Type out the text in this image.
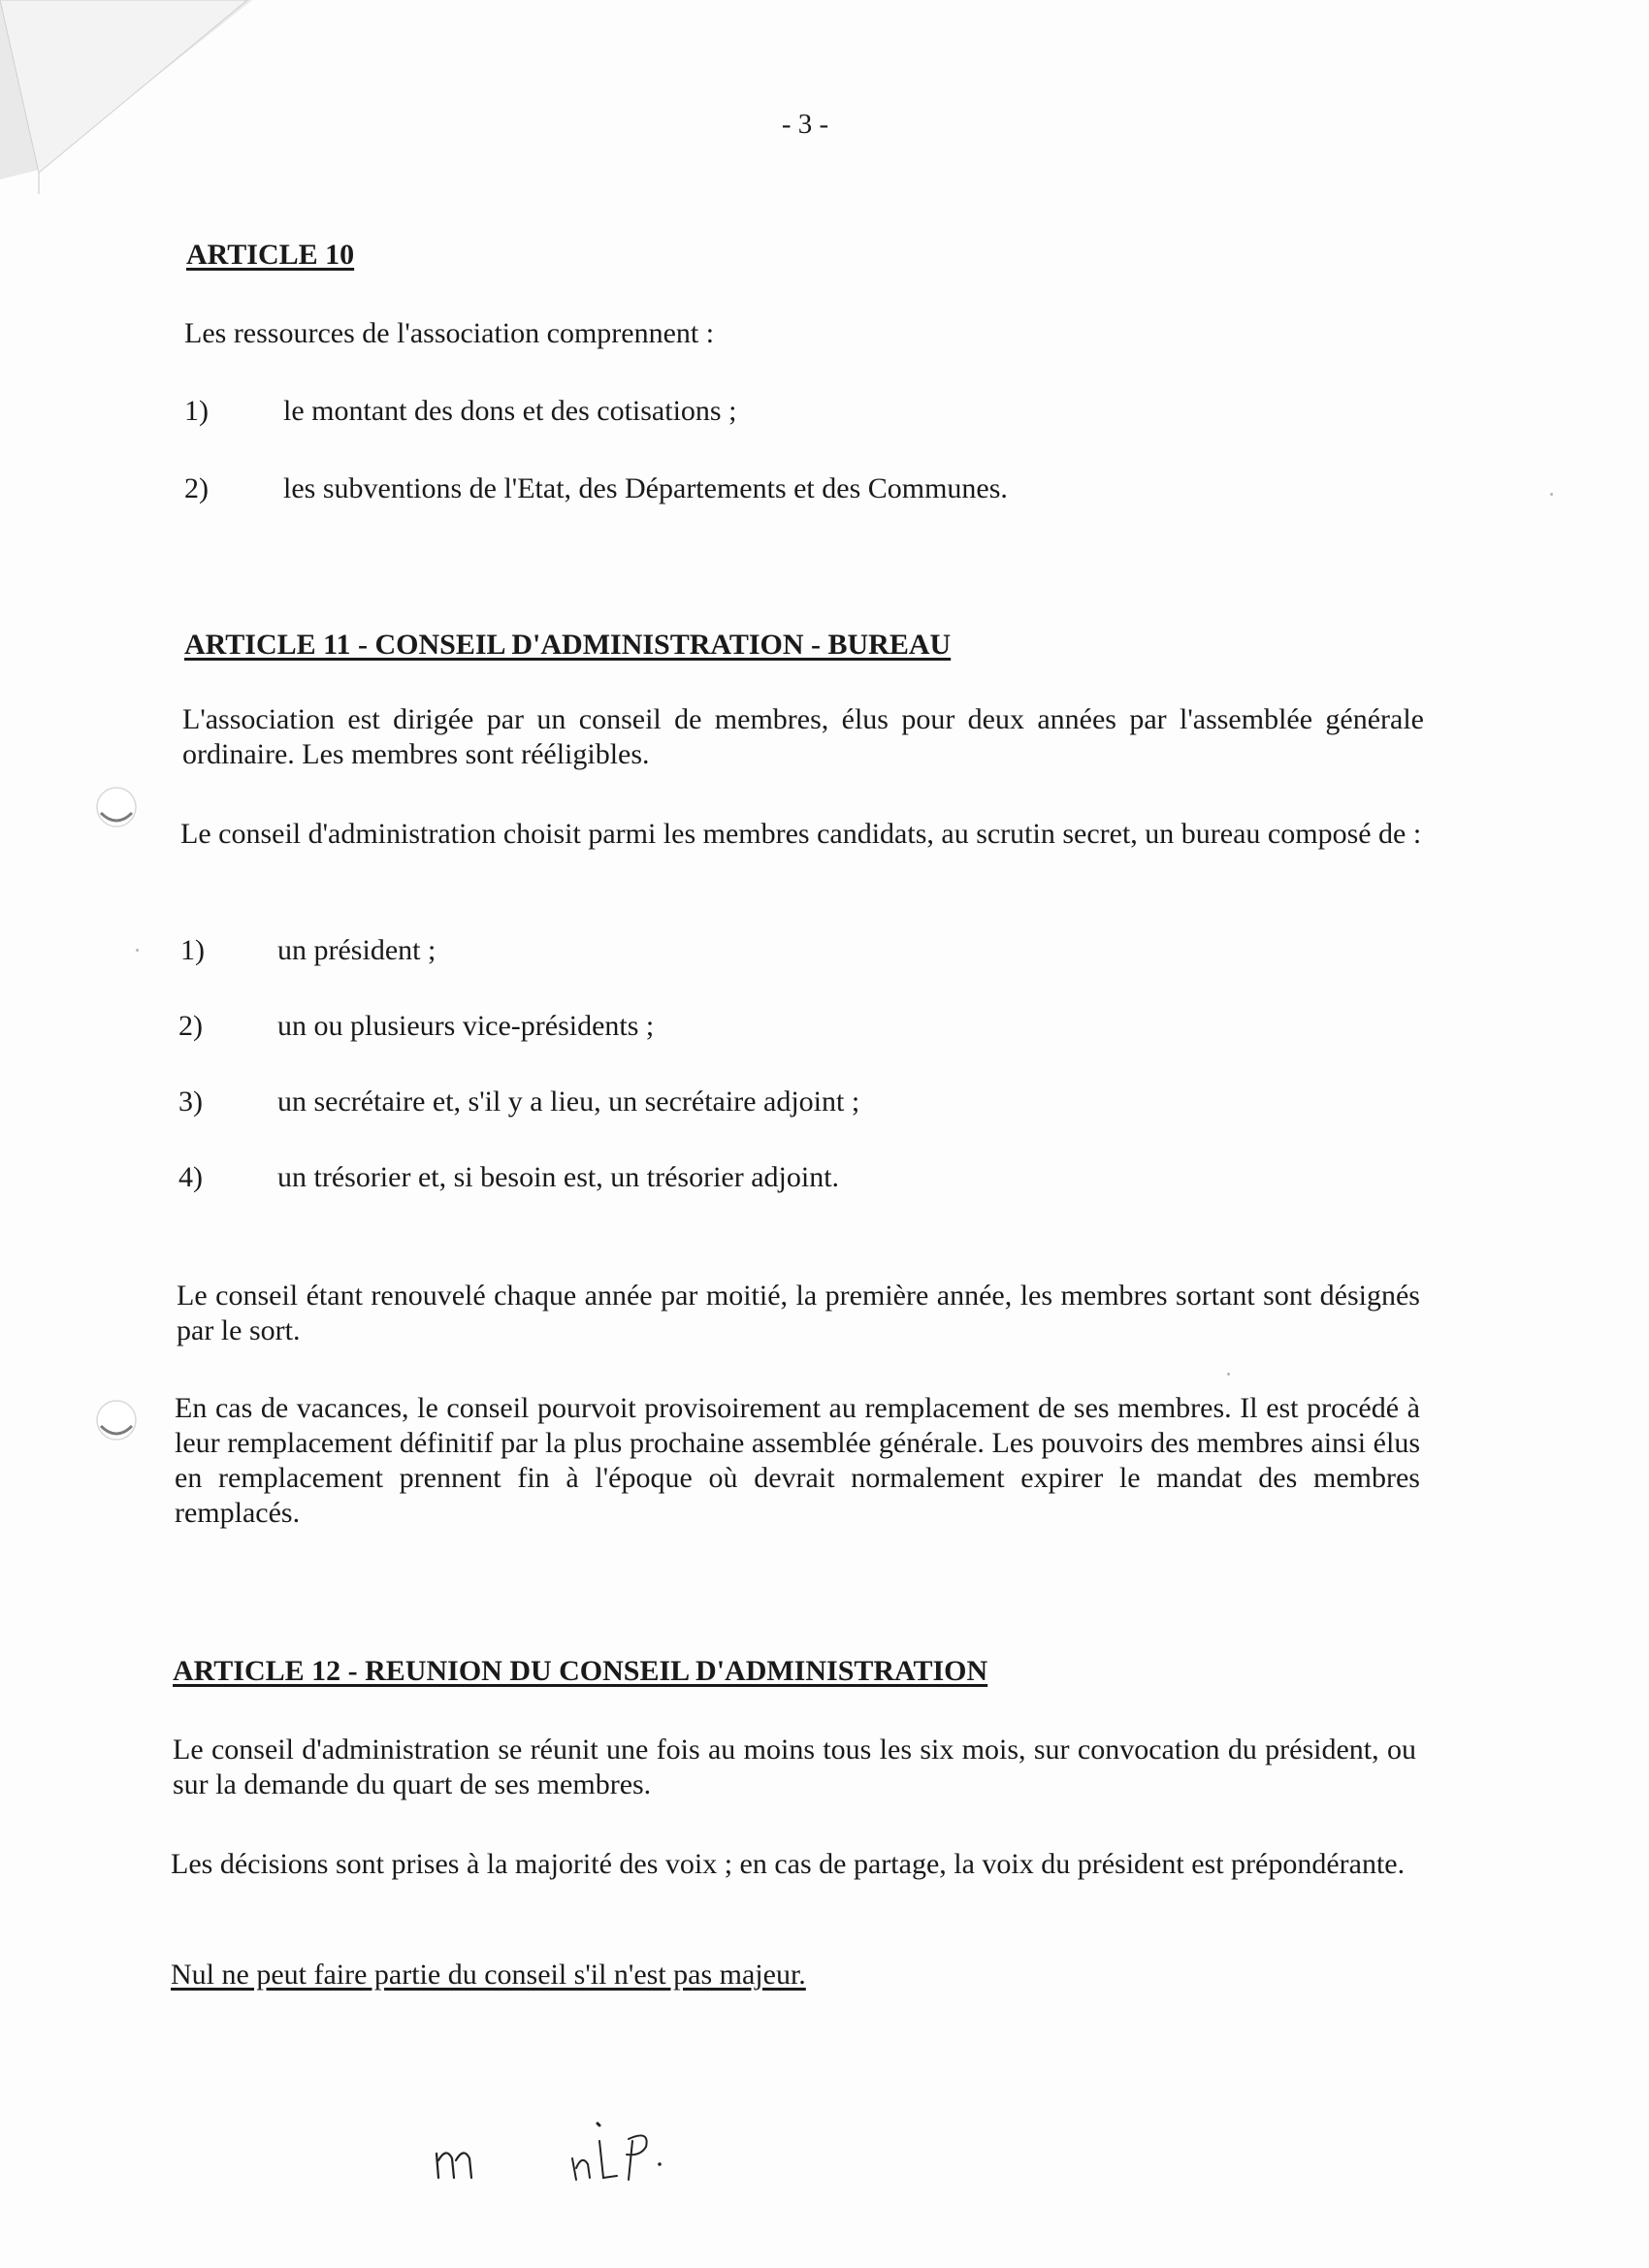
- 3 -
ARTICLE 10
Les ressources de l'association comprennent :
1)	le montant des dons et des cotisations ;
2)	les subventions de l'Etat, des Départements et des Communes.
ARTICLE 11 - CONSEIL D'ADMINISTRATION - BUREAU
L'association est dirigée par un conseil de membres, élus pour deux années par l'assemblée générale ordinaire. Les membres sont rééligibles.
Le conseil d'administration choisit parmi les membres candidats, au scrutin secret, un bureau composé de :
1)	un président ;
2)	un ou plusieurs vice-présidents ;
3)	un secrétaire et, s'il y a lieu, un secrétaire adjoint ;
4)	un trésorier et, si besoin est, un trésorier adjoint.
Le conseil étant renouvelé chaque année par moitié, la première année, les membres sortant sont désignés par le sort.
En cas de vacances, le conseil pourvoit provisoirement au remplacement de ses membres. Il est procédé à leur remplacement définitif par la plus prochaine assemblée générale. Les pouvoirs des membres ainsi élus en remplacement prennent fin à l'époque où devrait normalement expirer le mandat des membres remplacés.
ARTICLE 12 - REUNION DU CONSEIL D'ADMINISTRATION
Le conseil d'administration se réunit une fois au moins tous les six mois, sur convocation du président, ou sur la demande du quart de ses membres.
Les décisions sont prises à la majorité des voix ; en cas de partage, la voix du président est prépondérante.
Nul ne peut faire partie du conseil s'il n'est pas majeur.
